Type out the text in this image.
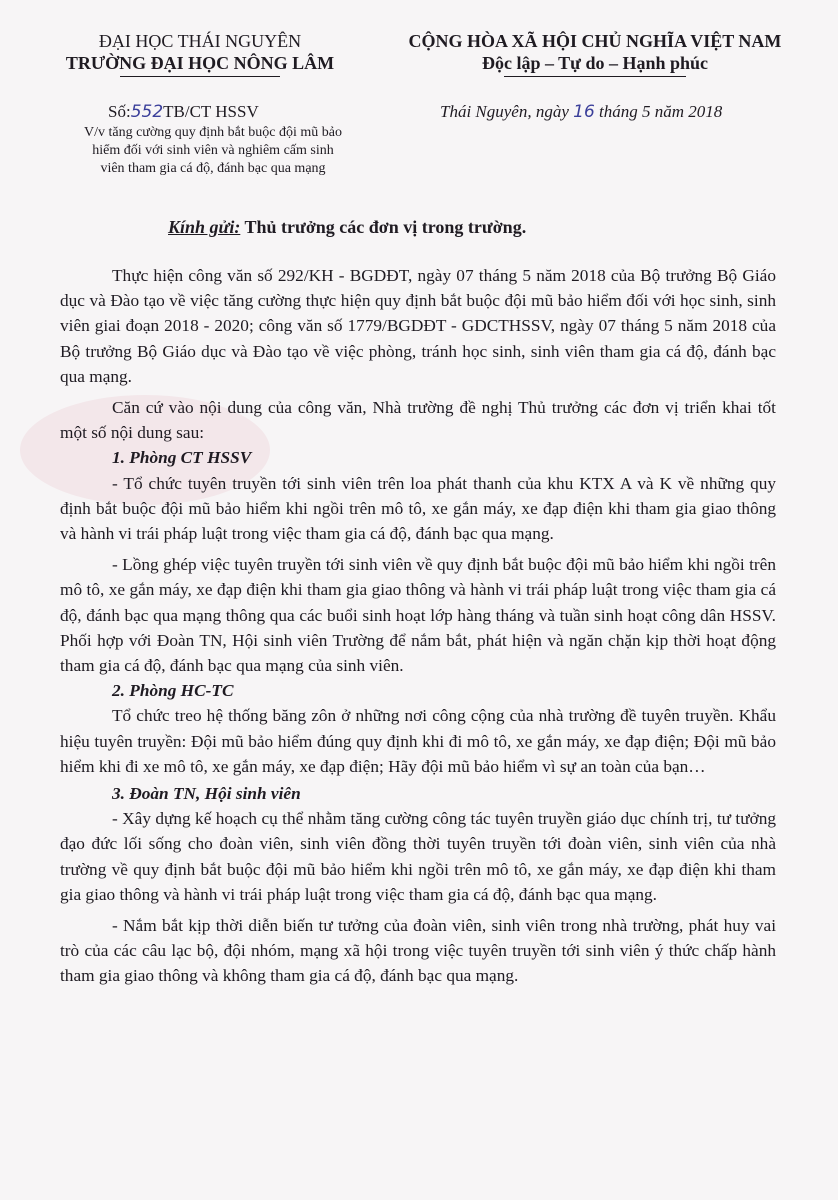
ĐẠI HỌC THÁI NGUYÊN
TRƯỜNG ĐẠI HỌC NÔNG LÂM
CỘNG HÒA XÃ HỘI CHỦ NGHĨA VIỆT NAM
Độc lập – Tự do – Hạnh phúc
Số:552TB/CT HSSV	Thái Nguyên, ngày 16 tháng 5 năm 2018
V/v tăng cường quy định bắt buộc đội mũ bảo
hiểm đối với sinh viên và nghiêm cấm sinh
viên tham gia cá độ, đánh bạc qua mạng
Kính gửi: Thủ trưởng các đơn vị trong trường.

Thực hiện công văn số 292/KH - BGDĐT, ngày 07 tháng 5 năm 2018 của Bộ trưởng Bộ Giáo dục và Đào tạo về việc tăng cường thực hiện quy định bắt buộc đội mũ bảo hiểm đối với học sinh, sinh viên giai đoạn 2018 - 2020; công văn số 1779/BGDĐT - GDCTHSSV, ngày 07 tháng 5 năm 2018 của Bộ trưởng Bộ Giáo dục và Đào tạo về việc phòng, tránh học sinh, sinh viên tham gia cá độ, đánh bạc qua mạng.

Căn cứ vào nội dung của công văn, Nhà trường đề nghị Thủ trưởng các đơn vị triển khai tốt một số nội dung sau:

1. Phòng CT HSSV

- Tổ chức tuyên truyền tới sinh viên trên loa phát thanh của khu KTX A và K về những quy định bắt buộc đội mũ bảo hiểm khi ngồi trên mô tô, xe gắn máy, xe đạp điện khi tham gia giao thông và hành vi trái pháp luật trong việc tham gia cá độ, đánh bạc qua mạng.

- Lồng ghép việc tuyên truyền tới sinh viên về quy định bắt buộc đội mũ bảo hiểm khi ngồi trên mô tô, xe gắn máy, xe đạp điện khi tham gia giao thông và hành vi trái pháp luật trong việc tham gia cá độ, đánh bạc qua mạng thông qua các buổi sinh hoạt lớp hàng tháng và tuần sinh hoạt công dân HSSV. Phối hợp với Đoàn TN, Hội sinh viên Trường để nắm bắt, phát hiện và ngăn chặn kịp thời hoạt động tham gia cá độ, đánh bạc qua mạng của sinh viên.

2. Phòng HC-TC

Tổ chức treo hệ thống băng zôn ở những nơi công cộng của nhà trường đề tuyên truyền. Khẩu hiệu tuyên truyền: Đội mũ bảo hiểm đúng quy định khi đi mô tô, xe gắn máy, xe đạp điện; Đội mũ bảo hiểm khi đi xe mô tô, xe gắn máy, xe đạp điện; Hãy đội mũ bảo hiểm vì sự an toàn của bạn…

3. Đoàn TN, Hội sinh viên

- Xây dựng kế hoạch cụ thể nhằm tăng cường công tác tuyên truyền giáo dục chính trị, tư tưởng đạo đức lối sống cho đoàn viên, sinh viên đồng thời tuyên truyền tới đoàn viên, sinh viên của nhà trường về quy định bắt buộc đội mũ bảo hiểm khi ngồi trên mô tô, xe gắn máy, xe đạp điện khi tham gia giao thông và hành vi trái pháp luật trong việc tham gia cá độ, đánh bạc qua mạng.

- Nắm bắt kịp thời diễn biến tư tưởng của đoàn viên, sinh viên trong nhà trường, phát huy vai trò của các câu lạc bộ, đội nhóm, mạng xã hội trong việc tuyên truyền tới sinh viên ý thức chấp hành tham gia giao thông và không tham gia cá độ, đánh bạc qua mạng.
